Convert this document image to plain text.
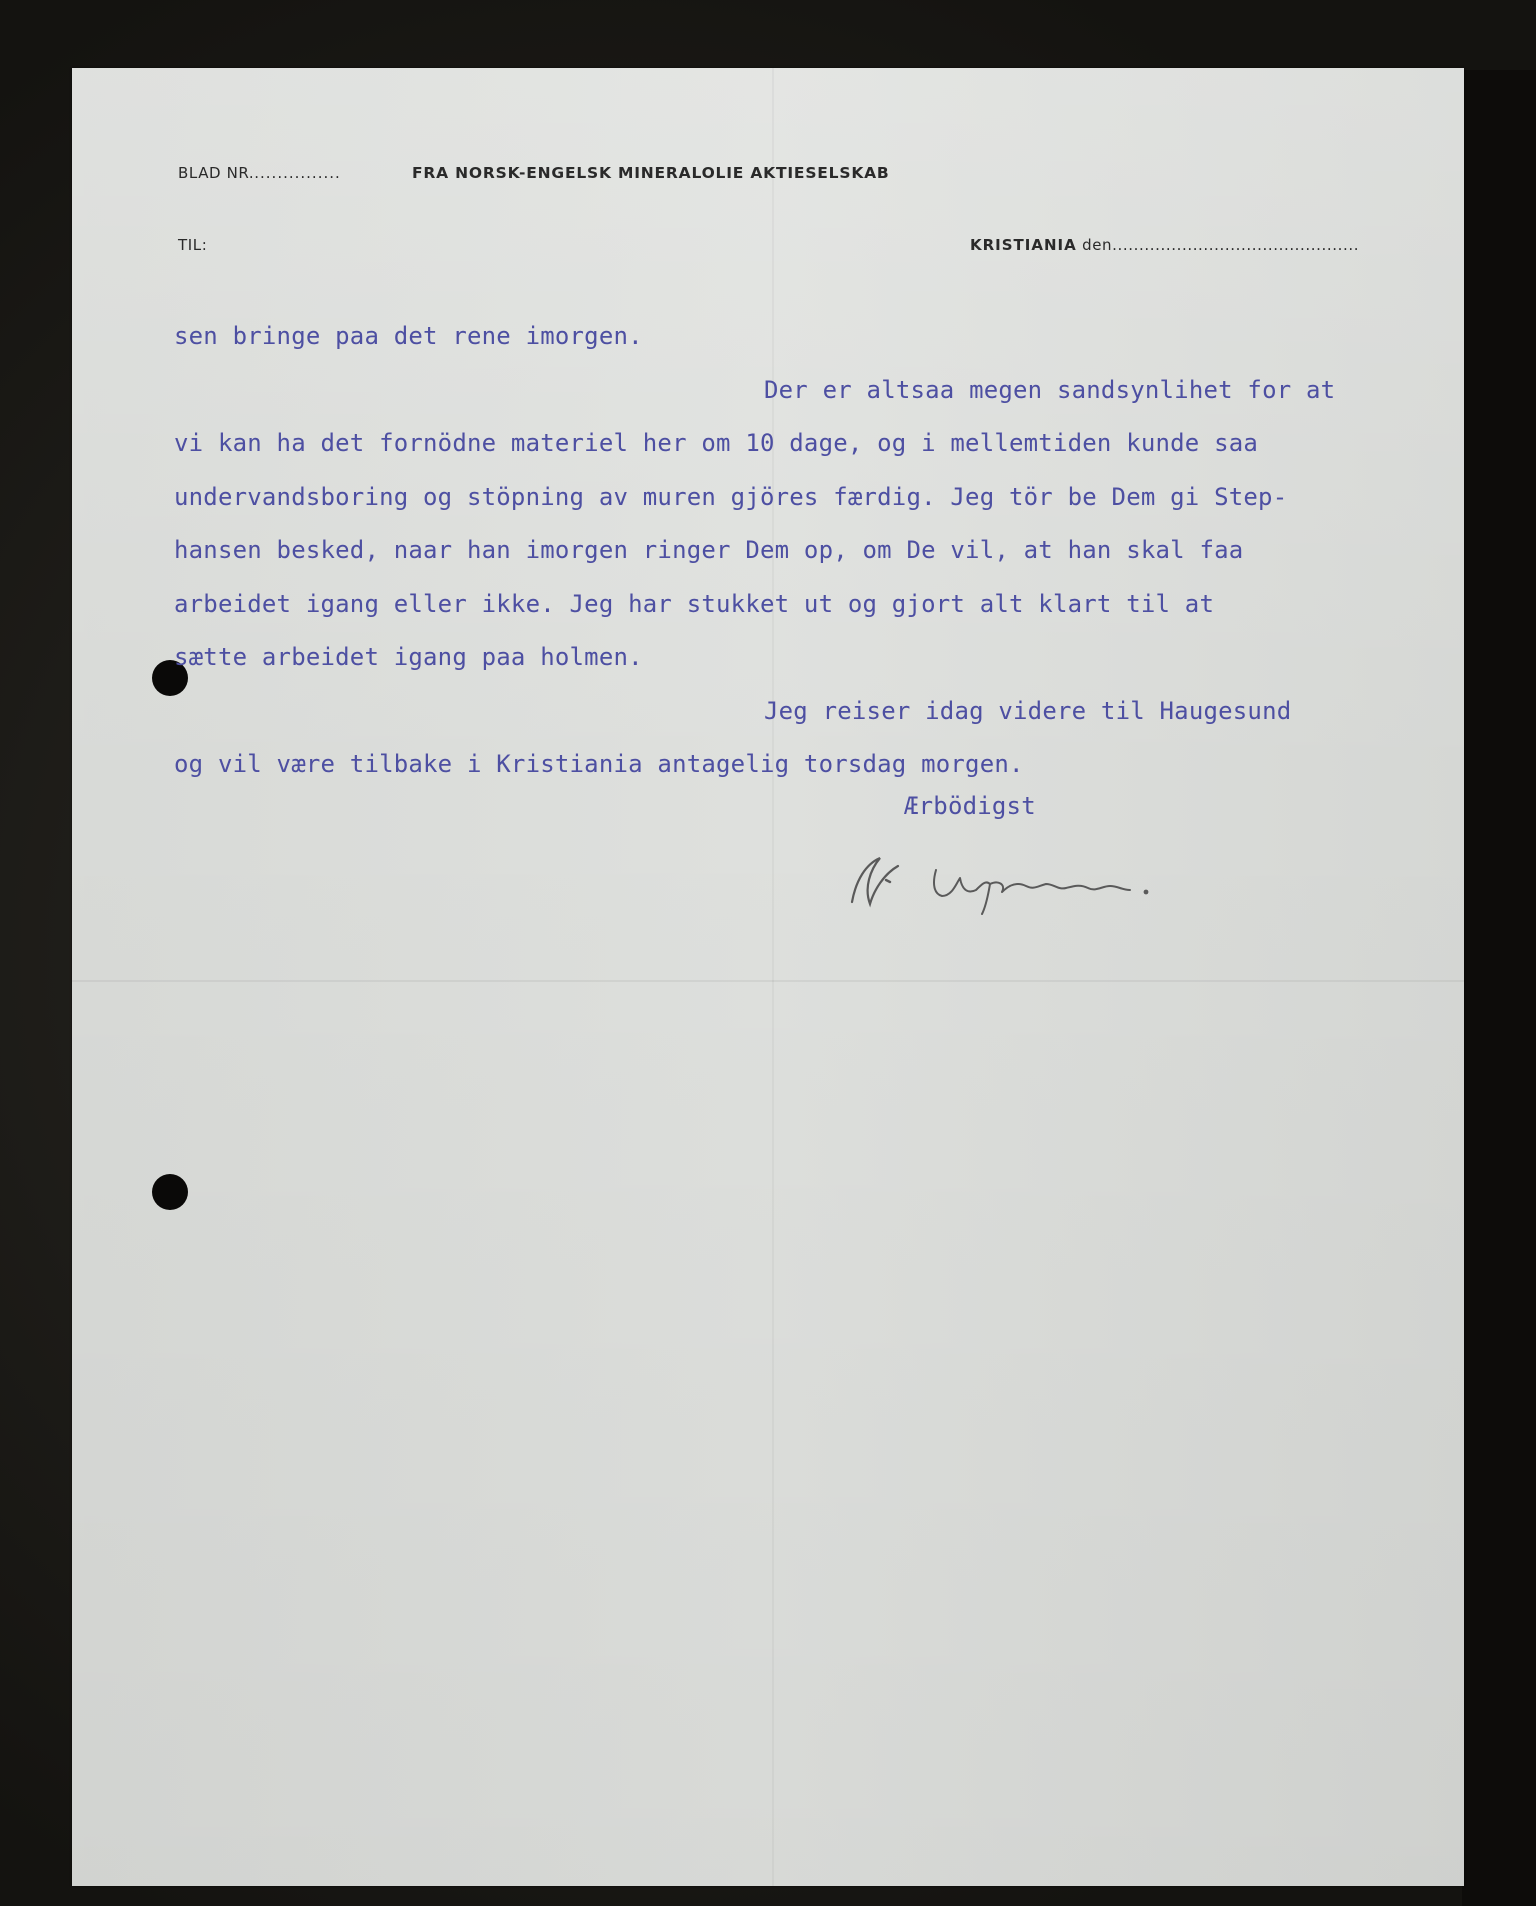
BLAD NR................	FRA NORSK-ENGELSK MINERALOLIE AKTIESELSKAB
TIL:	KRISTIANIA den..............................................
sen bringe paa det rene imorgen.
Der er altsaa megen sandsynlihet for at
vi kan ha det fornödne materiel her om 10 dage, og i mellemtiden kunde saa
undervandsboring og stöpning av muren gjöres færdig. Jeg tör be Dem gi Step-
hansen besked, naar han imorgen ringer Dem op, om De vil, at han skal faa
arbeidet igang eller ikke. Jeg har stukket ut og gjort alt klart til at
sætte arbeidet igang paa holmen.
Jeg reiser idag videre til Haugesund
og vil være tilbake i Kristiania antagelig torsdag morgen.
Ærbödigst
